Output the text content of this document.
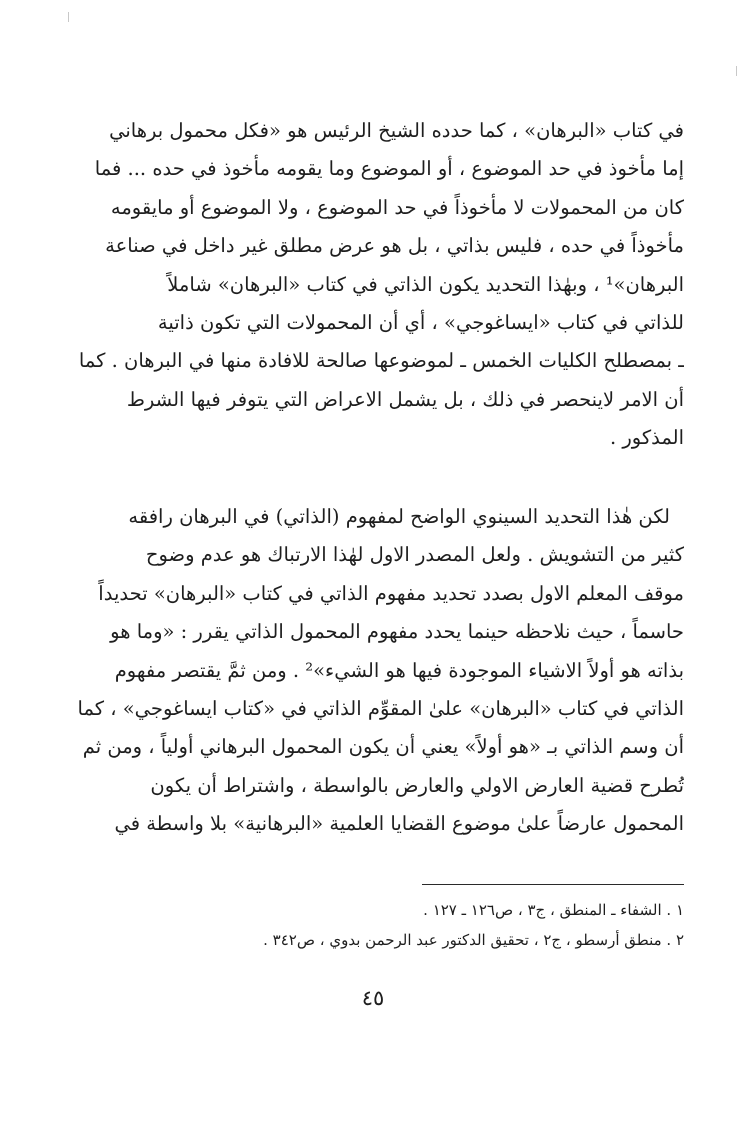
في كتاب «البرهان» ، كما حدده الشيخ الرئيس هو «فكل محمول برهاني
إما مأخوذ في حد الموضوع ، أو الموضوع وما يقومه مأخوذ في حده ... فما
كان من المحمولات لا مأخوذاً في حد الموضوع ، ولا الموضوع أو مايقومه
مأخوذاً في حده ، فليس بذاتي ، بل هو عرض مطلق غير داخل في صناعة
البرهان»¹ ، وبهٰذا التحديد يكون الذاتي في كتاب «البرهان» شاملاً
للذاتي في كتاب «ايساغوجي» ، أي أن المحمولات التي تكون ذاتية
ـ بمصطلح الكليات الخمس ـ لموضوعها صالحة للافادة منها في البرهان . كما
أن الامر لاينحصر في ذلك ، بل يشمل الاعراض التي يتوفر فيها الشرط
المذكور .
لكن هٰذا التحديد السينوي الواضح لمفهوم (الذاتي) في البرهان رافقه
كثير من التشويش . ولعل المصدر الاول لهٰذا الارتباك هو عدم وضوح
موقف المعلم الاول بصدد تحديد مفهوم الذاتي في كتاب «البرهان» تحديداً
حاسماً ، حيث نلاحظه حينما يحدد مفهوم المحمول الذاتي يقرر : «وما هو
بذاته هو أولاً الاشياء الموجودة فيها هو الشيء»² . ومن ثمَّ يقتصر مفهوم
الذاتي في كتاب «البرهان» علىٰ المقوِّم الذاتي في «كتاب ايساغوجي» ، كما
أن وسم الذاتي بـ «هو أولاً» يعني أن يكون المحمول البرهاني أولياً ، ومن ثم
تُطرح قضية العارض الاولي والعارض بالواسطة ، واشتراط أن يكون
المحمول عارضاً علىٰ موضوع القضايا العلمية «البرهانية» بلا واسطة في
١ . الشفاء ـ المنطق ، ج٣ ، ص١٢٦ ـ ١٢٧ .
٢ . منطق أرسطو ، ج٢ ، تحقيق الدكتور عبد الرحمن بدوي ، ص٣٤٢ .
٤٥
